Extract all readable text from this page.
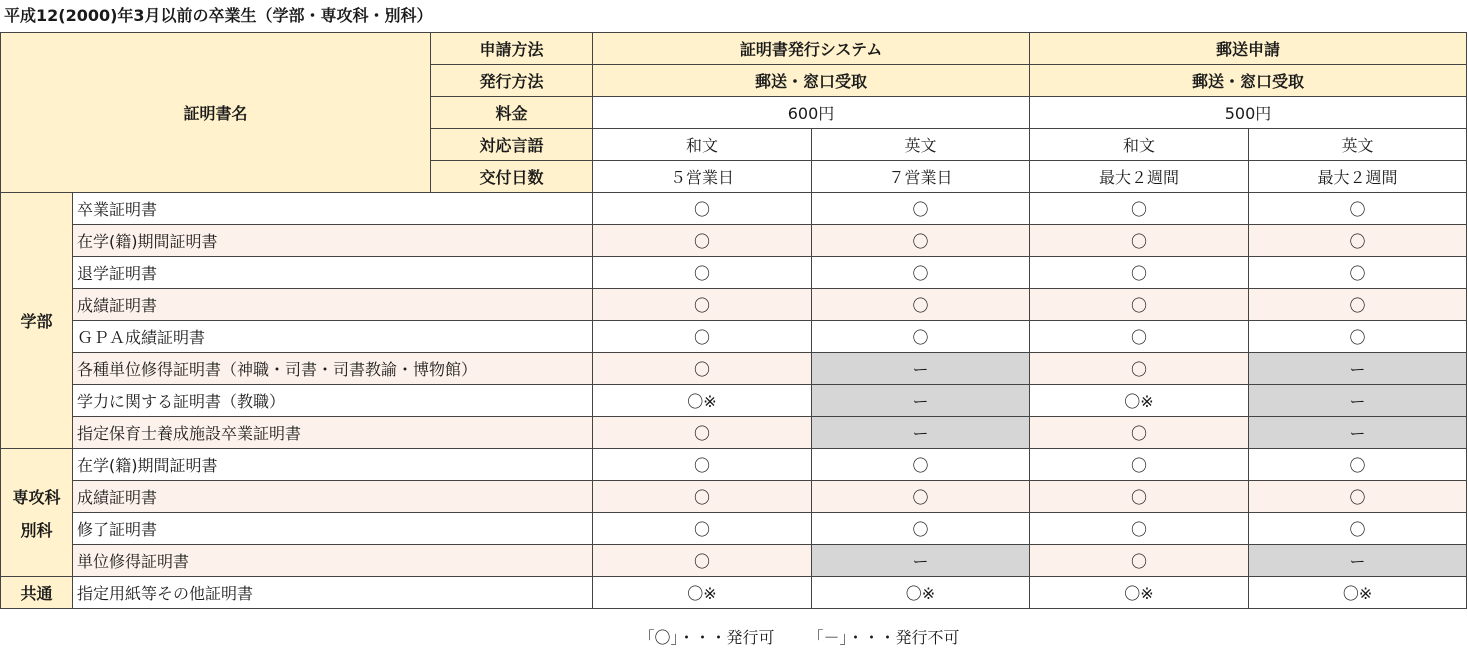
平成12(2000)年3月以前の卒業生（学部・専攻科・別科）
証明書名		申請方法	証明書発行システム		郵送申請	
		発行方法	郵送・窓口受取		郵送・窓口受取	
		料金	600円		500円	
		対応言語	和文	英文	和文	英文
		交付日数	５営業日	７営業日	最大２週間	最大２週間
学部	卒業証明書		〇	〇	〇	〇
	在学(籍)期間証明書		〇	〇	〇	〇
	退学証明書		〇	〇	〇	〇
	成績証明書		〇	〇	〇	〇
	ＧＰＡ成績証明書		〇	〇	〇	〇
	各種単位修得証明書（神職・司書・司書教諭・博物館）		〇	ー	〇	ー
	学力に関する証明書（教職）		〇※	ー	〇※	ー
	指定保育士養成施設卒業証明書		〇	ー	〇	ー

専攻科
別科	在学(籍)期間証明書		〇	〇	〇	〇
	成績証明書		〇	〇	〇	〇
	修了証明書		〇	〇	〇	〇
	単位修得証明書		〇	ー	〇	ー
共通	指定用紙等その他証明書		〇※	〇※	〇※	〇※
「〇」・・・発行可 「－」・・・発行不可
